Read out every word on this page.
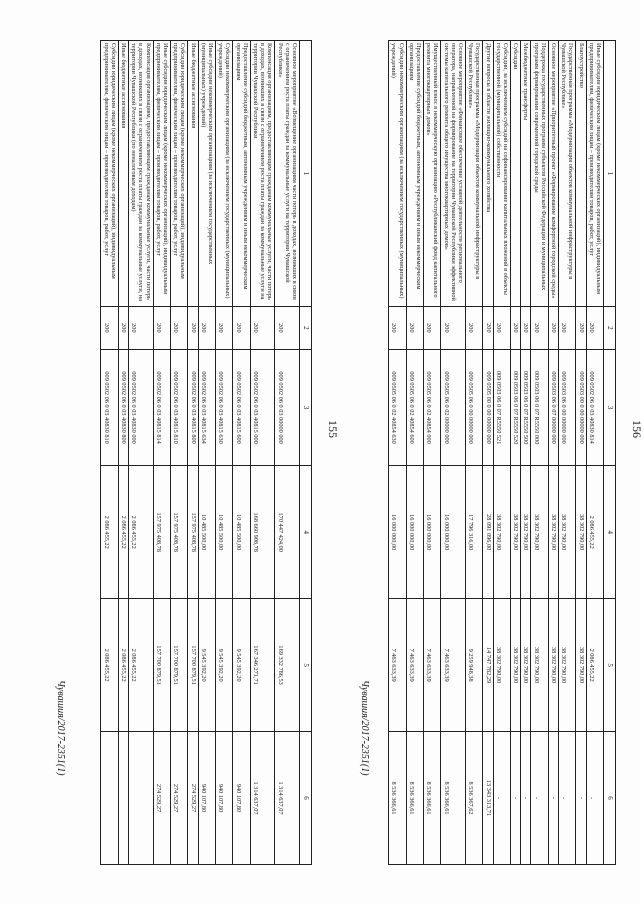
155
1	2	3	4	5	6
Основное мероприятие «Возмещение организациям части потерь в доходах, возникших в связи с ограничением роста платы граждан за коммунальные услуги на территории Чувашской Республики»	200	009 0502 06 0 03 00000 000	170 447 424,00	169 332 786,53	1 314 637,07
Компенсация организациям, предоставляющим гражданам коммунальные услуги, части потерь в доходах, возникших в связи с ограничением роста платы граждан за коммунальные услуги на территории Чувашской Республики	200	009 0502 06 0 03 40815 000	168 660 908,78	167 346 271,71	1 314 637,07
Предоставление субсидий бюджетным, автономным учреждениям и иным некоммерческим организациям	200	009 0502 06 0 03 40815 600	10 485 500,00	9 545 392,20	940 107,80
Субсидии некоммерческим организациям (за исключением государственных (муниципальных) учреждений)	200	009 0502 06 0 03 40815 630	10 485 500,00	9 545 392,20	940 107,80
Иные субсидии некоммерческим организациям (за исключением государственных (муниципальных) учреждений)	200	009 0502 06 0 03 40815 634	10 485 500,00	9 545 392,20	940 107,80
Иные бюджетные ассигнования	200	009 0502 06 0 03 40815 800	157 975 408,78	157 700 879,51	274 529,27
Субсидии юридическим лицам (кроме некоммерческих организаций), индивидуальным предпринимателям, физическим лицам – производителям товаров, работ, услуг	200	009 0502 06 0 03 40815 810	157 975 408,78	157 700 879,51	274 529,27
Иные субсидии юридическим лицам (кроме некоммерческих организаций), индивидуальным предпринимателям, физическим лицам – производителям товаров, работ, услуг	200	009 0502 06 0 03 40815 814	157 975 408,78	157 700 879,51	274 529,27
Компенсация организациям, предоставляющим гражданам коммунальные услуги, части потерь в доходах, возникших в связи с ограничением роста платы граждан за коммунальные услуги, на территории Чувашской Республики (по неналоговым доходам)	200	009 0502 06 0 03 40830 000	2 086 455,22	2 086 455,22	
Иные бюджетные ассигнования	200	009 0502 06 0 03 40830 800	2 086 455,22	2 086 455,22	
Субсидии юридическим лицам (кроме некоммерческих организаций), индивидуальным предпринимателям, физическим лицам – производителям товаров, работ, услуг	200	009 0502 06 0 03 40830 810	2 086 455,22	2 086 455,22	
Чувашия/2017-2351(1)
156
1	2	3	4	5	6
Иные субсидии юридическим лицам (кроме некоммерческих организаций), индивидуальным предпринимателям, физическим лицам – производителям товаров, работ, услуг	200	009 0502 06 0 03 40830 814	2 086 455,22	2 086 455,22	-
Благоустройство	200	009 0503 00 0 00 00000 000	38 302 790,00	38 302 790,00	-
Государственная программа «Модернизация объектов коммунальной инфраструктуры в Чувашской Республике»	200	009 0503 06 0 00 00000 000	38 302 790,00	38 302 790,00	-
Основное мероприятие «Приоритетный проект «Формирование комфортной городской среды»	200	009 0503 06 0 07 00000 000	38 302 790,00	38 302 790,00	-
Поддержка государственных программ субъектов Российской Федерации и муниципальных программ формирования современной городской среды	200	009 0503 06 0 07 R5550 000	38 302 790,00	38 302 790,00	-
Межбюджетные трансферты	200	009 0503 06 0 07 R5550 500	38 302 790,00	38 302 790,00	-
Субсидии	200	009 0503 06 0 07 R5550 520	38 302 790,00	38 302 790,00	-
Субсидии, за исключением субсидий на софинансирование капитальных вложений в объекты государственной (муниципальной) собственности	200	009 0503 06 0 07 R5550 521	38 302 790,00	38 302 790,00	-
Другие вопросы в области жилищно-коммунального хозяйства	200	009 0505 00 0 00 00000 000	28 091 096,00	14 747 782,29	13 343 313,71
Государственная программа «Модернизация объектов коммунальной инфраструктуры в Чувашской Республике»	200	009 0505 06 0 00 00000 000	17 796 316,00	9 259 948,38	8 536 367,62
Основное мероприятие «Финансовое обеспечение уставной деятельности регионального оператора, направленной на формирование на территории Чувашской Республики эффективной системы капитального ремонта общего имущества многоквартирных домов»	200	009 0505 06 0 02 00000 000	16 000 000,00	7 463 633,39	8 536 366,61
Имущественный взнос в некоммерческую организацию «Республиканский фонд капитального ремонта многоквартирных домов»	200	009 0505 06 0 02 40854 000	16 000 000,00	7 463 633,39	8 536 366,61
Предоставление субсидий бюджетным, автономным учреждениям и иным некоммерческим организациям	200	009 0505 06 0 02 40854 600	16 000 000,00	7 463 633,39	8 536 366,61
Субсидии некоммерческим организациям (за исключением государственных (муниципальных) учреждений)	200	009 0505 06 0 02 40854 630	16 000 000,00	7 463 633,39	8 536 366,61
Чувашия/2017-2351(1)
